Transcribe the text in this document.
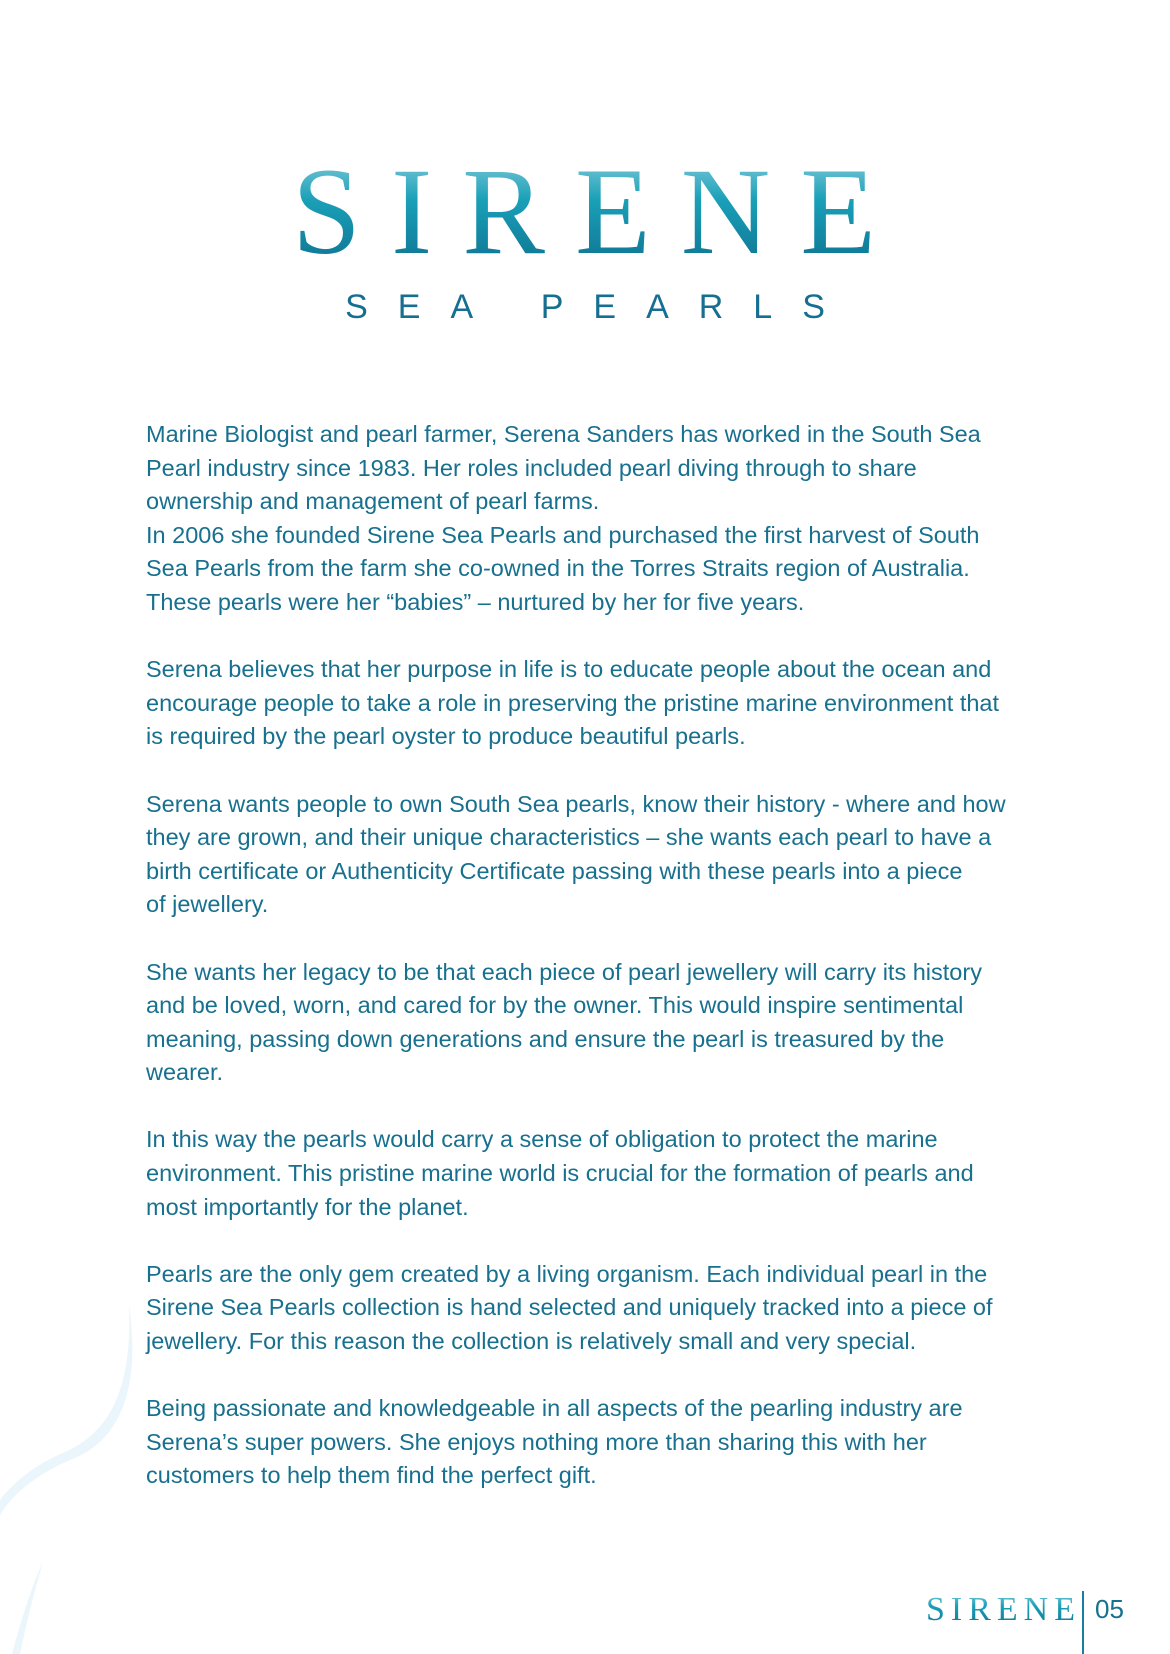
SIRENE
SEA PEARLS
Marine Biologist and pearl farmer, Serena Sanders has worked in the South Sea
Pearl industry since 1983. Her roles included pearl diving through to share
ownership and management of pearl farms.
In 2006 she founded Sirene Sea Pearls and purchased the first harvest of South
Sea Pearls from the farm she co-owned in the Torres Straits region of Australia.
These pearls were her “babies” – nurtured by her for five years.
Serena believes that her purpose in life is to educate people about the ocean and
encourage people to take a role in preserving the pristine marine environment that
is required by the pearl oyster to produce beautiful pearls.
Serena wants people to own South Sea pearls, know their history - where and how
they are grown, and their unique characteristics – she wants each pearl to have a
birth certificate or Authenticity Certificate passing with these pearls into a piece
of jewellery.
She wants her legacy to be that each piece of pearl jewellery will carry its history
and be loved, worn, and cared for by the owner. This would inspire sentimental
meaning, passing down generations and ensure the pearl is treasured by the
wearer.
In this way the pearls would carry a sense of obligation to protect the marine
environment. This pristine marine world is crucial for the formation of pearls and
most importantly for the planet.
Pearls are the only gem created by a living organism. Each individual pearl in the
Sirene Sea Pearls collection is hand selected and uniquely tracked into a piece of
jewellery. For this reason the collection is relatively small and very special.
Being passionate and knowledgeable in all aspects of the pearling industry are
Serena’s super powers. She enjoys nothing more than sharing this with her
customers to help them find the perfect gift.
SIRENE 05
